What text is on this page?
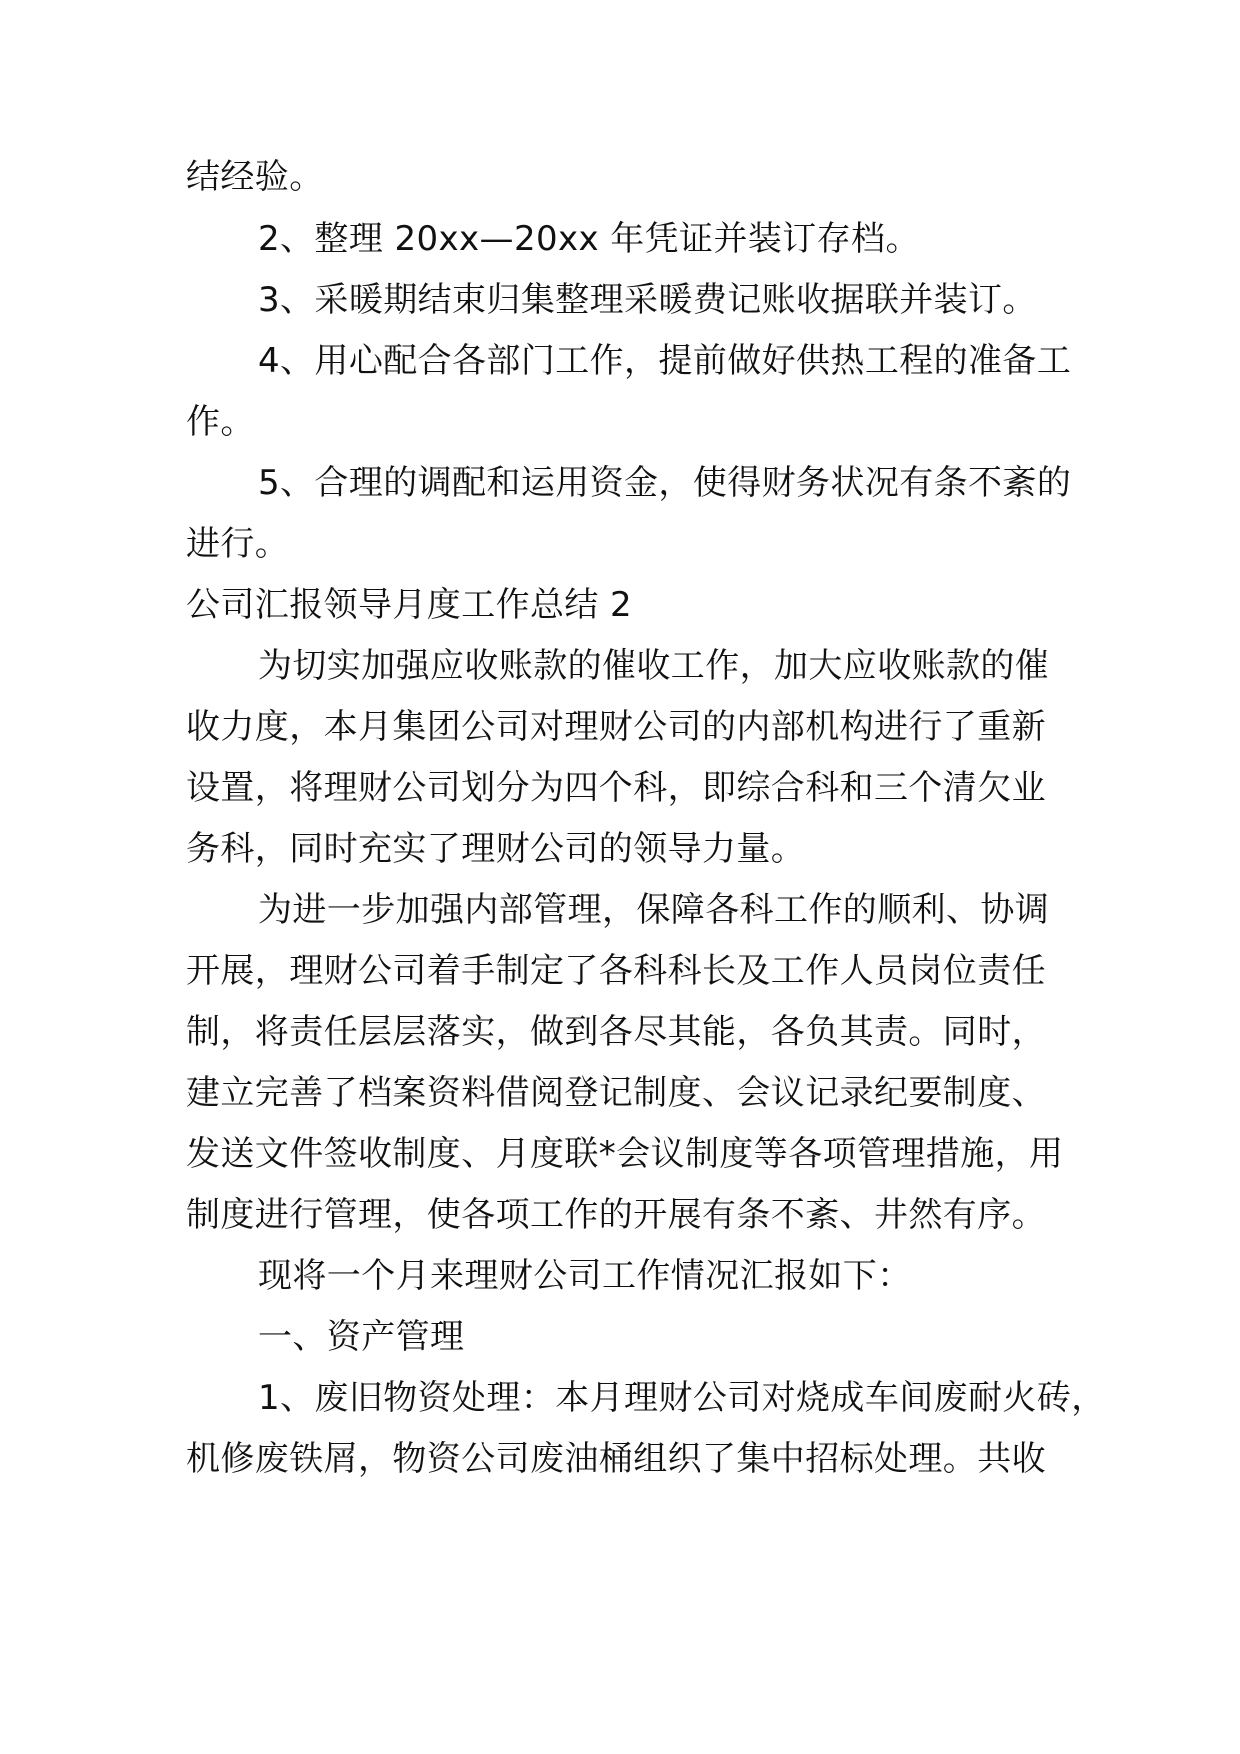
结经验。
2、整理 20xx—20xx 年凭证并装订存档。
3、采暖期结束归集整理采暖费记账收据联并装订。
4、用心配合各部门工作，提前做好供热工程的准备工
作。
5、合理的调配和运用资金，使得财务状况有条不紊的
进行。
公司汇报领导月度工作总结 2
为切实加强应收账款的催收工作，加大应收账款的催
收力度，本月集团公司对理财公司的内部机构进行了重新
设置，将理财公司划分为四个科，即综合科和三个清欠业
务科，同时充实了理财公司的领导力量。
为进一步加强内部管理，保障各科工作的顺利、协调
开展，理财公司着手制定了各科科长及工作人员岗位责任
制，将责任层层落实，做到各尽其能，各负其责。同时，
建立完善了档案资料借阅登记制度、会议记录纪要制度、
发送文件签收制度、月度联*会议制度等各项管理措施，用
制度进行管理，使各项工作的开展有条不紊、井然有序。
现将一个月来理财公司工作情况汇报如下：
一、资产管理
1、废旧物资处理：本月理财公司对烧成车间废耐火砖，
机修废铁屑，物资公司废油桶组织了集中招标处理。共收
